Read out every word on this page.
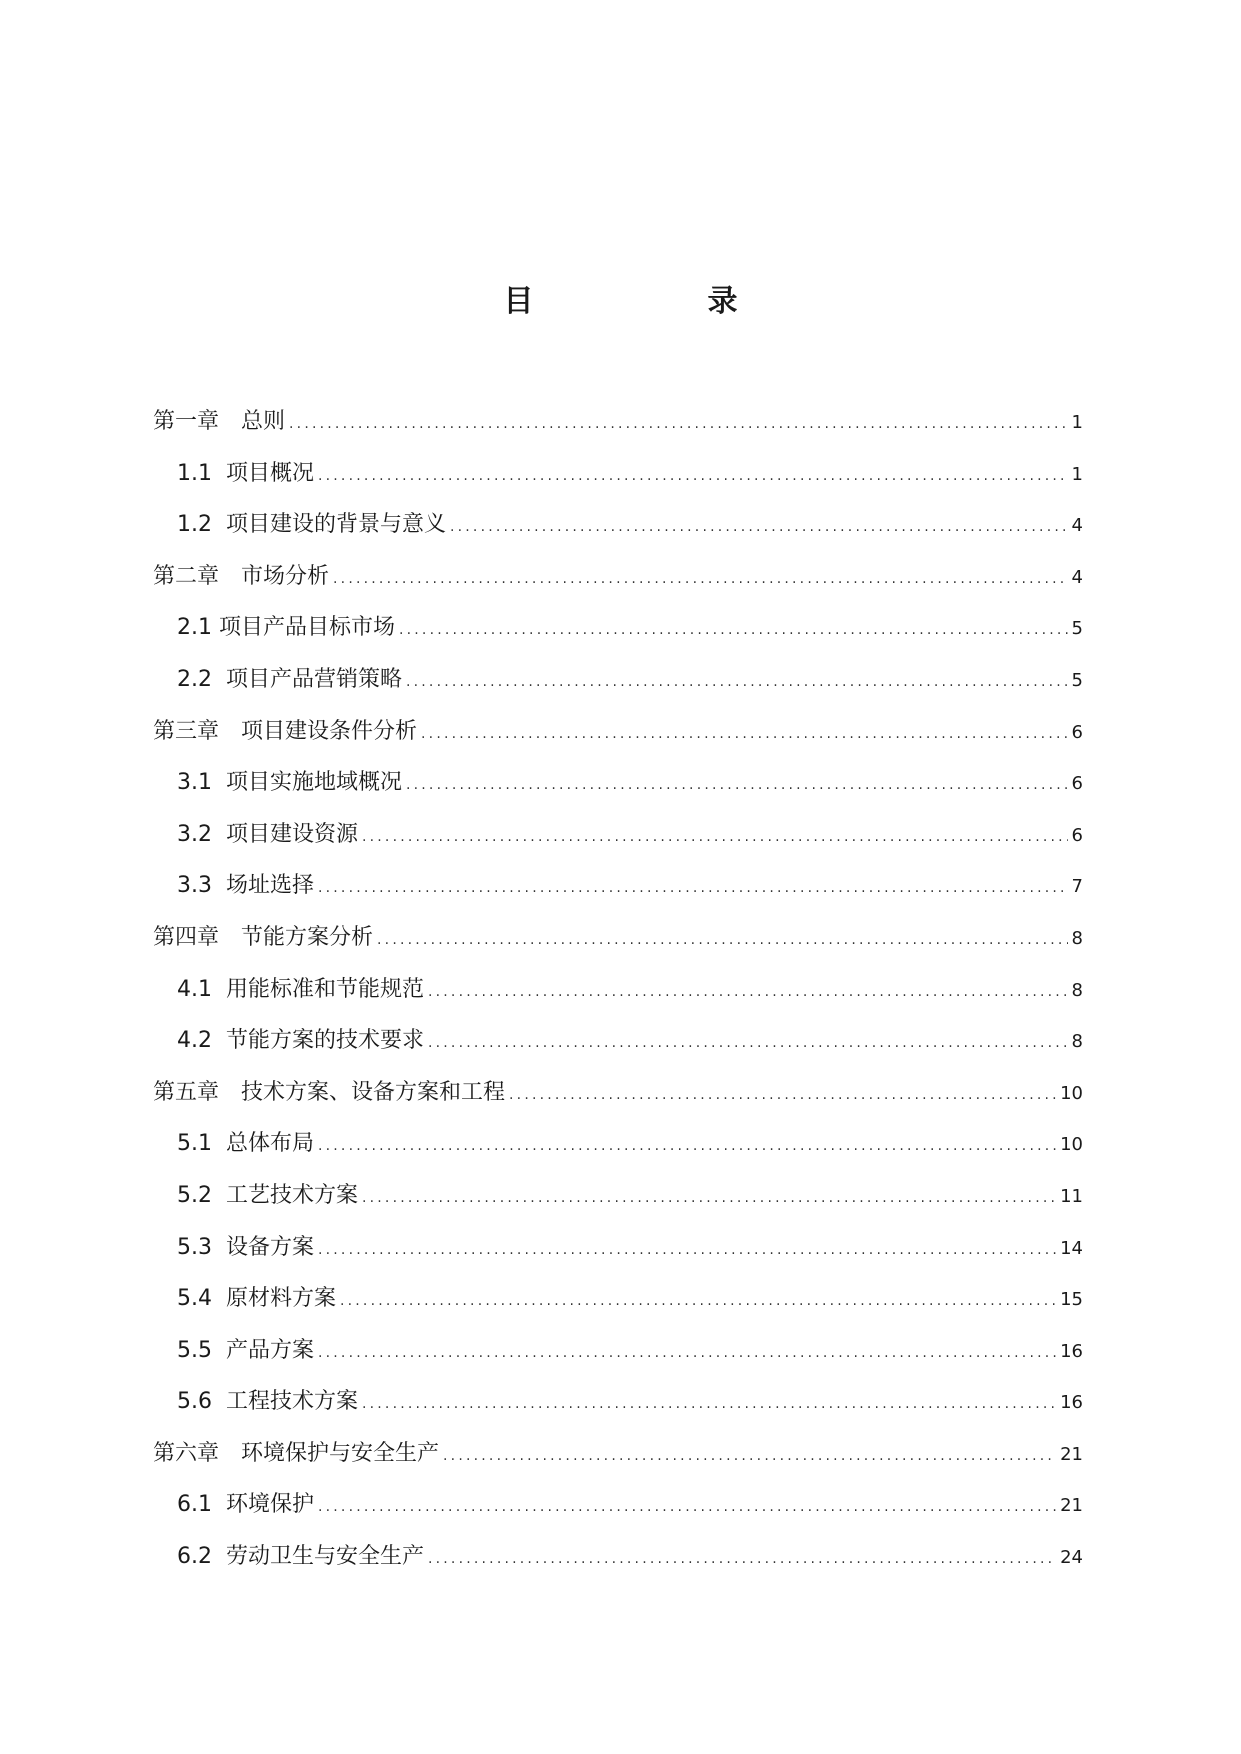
目　录
第一章　总则 .....	1
1.1  项目概况 .....	1
1.2  项目建设的背景与意义 .....	4
第二章　市场分析 .....	4
2.1 项目产品目标市场 .....	5
2.2  项目产品营销策略 .....	5
第三章　项目建设条件分析 .....	6
3.1  项目实施地域概况 .....	6
3.2  项目建设资源 .....	6
3.3  场址选择 .....	7
第四章　节能方案分析 .....	8
4.1  用能标准和节能规范 .....	8
4.2  节能方案的技术要求 .....	8
第五章　技术方案、设备方案和工程 .....	10
5.1  总体布局 .....	10
5.2  工艺技术方案 .....	11
5.3  设备方案 .....	14
5.4  原材料方案 .....	15
5.5  产品方案 .....	16
5.6  工程技术方案 .....	16
第六章　环境保护与安全生产 .....	21
6.1  环境保护 .....	21
6.2  劳动卫生与安全生产 .....	24
